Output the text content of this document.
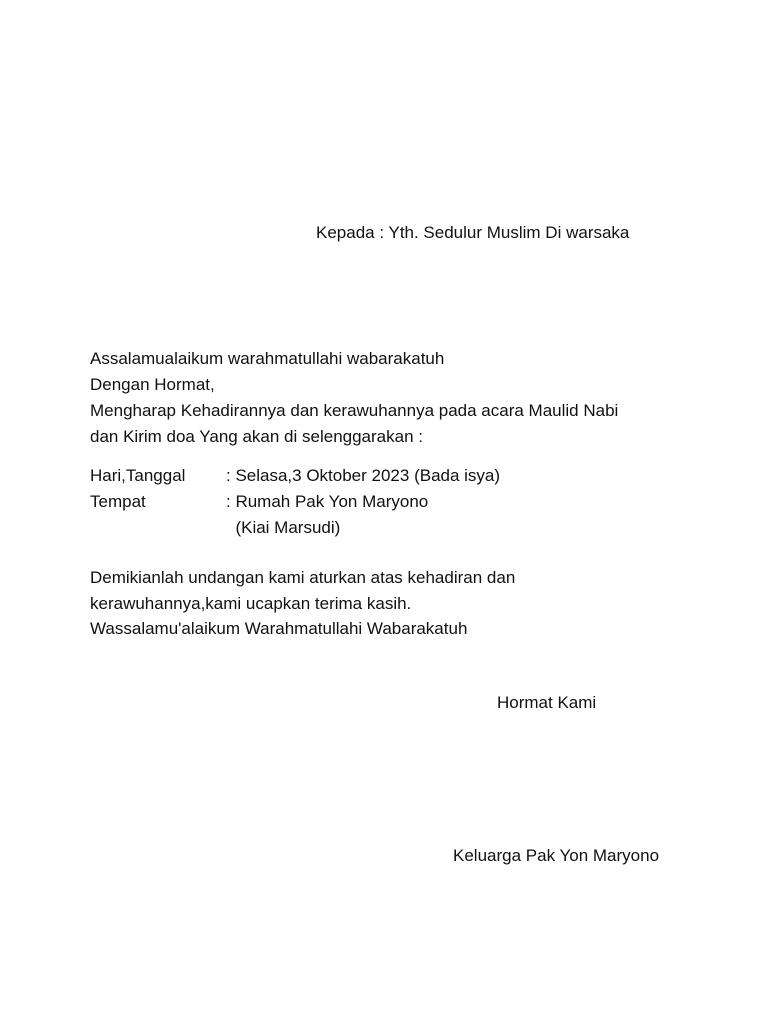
Kepada : Yth. Sedulur Muslim Di warsaka
Assalamualaikum warahmatullahi wabarakatuh
Dengan Hormat,
Mengharap Kehadirannya dan kerawuhannya pada acara Maulid Nabi
dan Kirim doa Yang akan di selenggarakan :
Hari,Tanggal : Selasa,3 Oktober 2023 (Bada isya)
Tempat	: Rumah Pak Yon Maryono
(Kiai Marsudi)
Demikianlah undangan kami aturkan atas kehadiran dan
kerawuhannya,kami ucapkan terima kasih.
Wassalamu'alaikum Warahmatullahi Wabarakatuh
Hormat Kami
Keluarga Pak Yon Maryono
